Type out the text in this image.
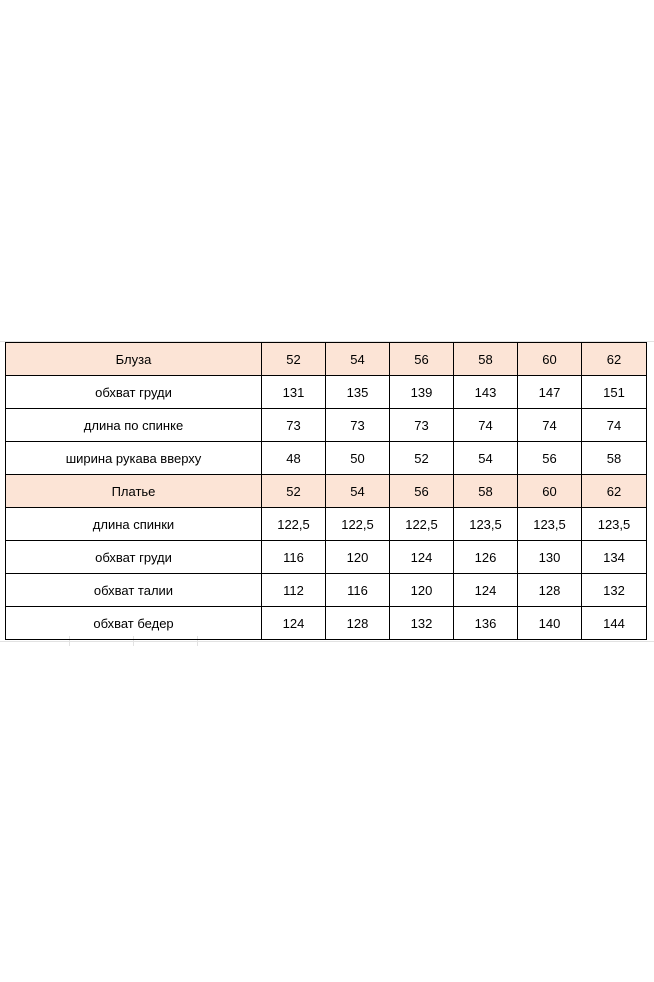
Блуза	52	54	56	58	60	62
обхват груди	131	135	139	143	147	151
длина по спинке	73	73	73	74	74	74
ширина рукава вверху	48	50	52	54	56	58
Платье	52	54	56	58	60	62
длина спинки	122,5	122,5	122,5	123,5	123,5	123,5
обхват груди	116	120	124	126	130	134
обхват талии	112	116	120	124	128	132
обхват бедер	124	128	132	136	140	144
